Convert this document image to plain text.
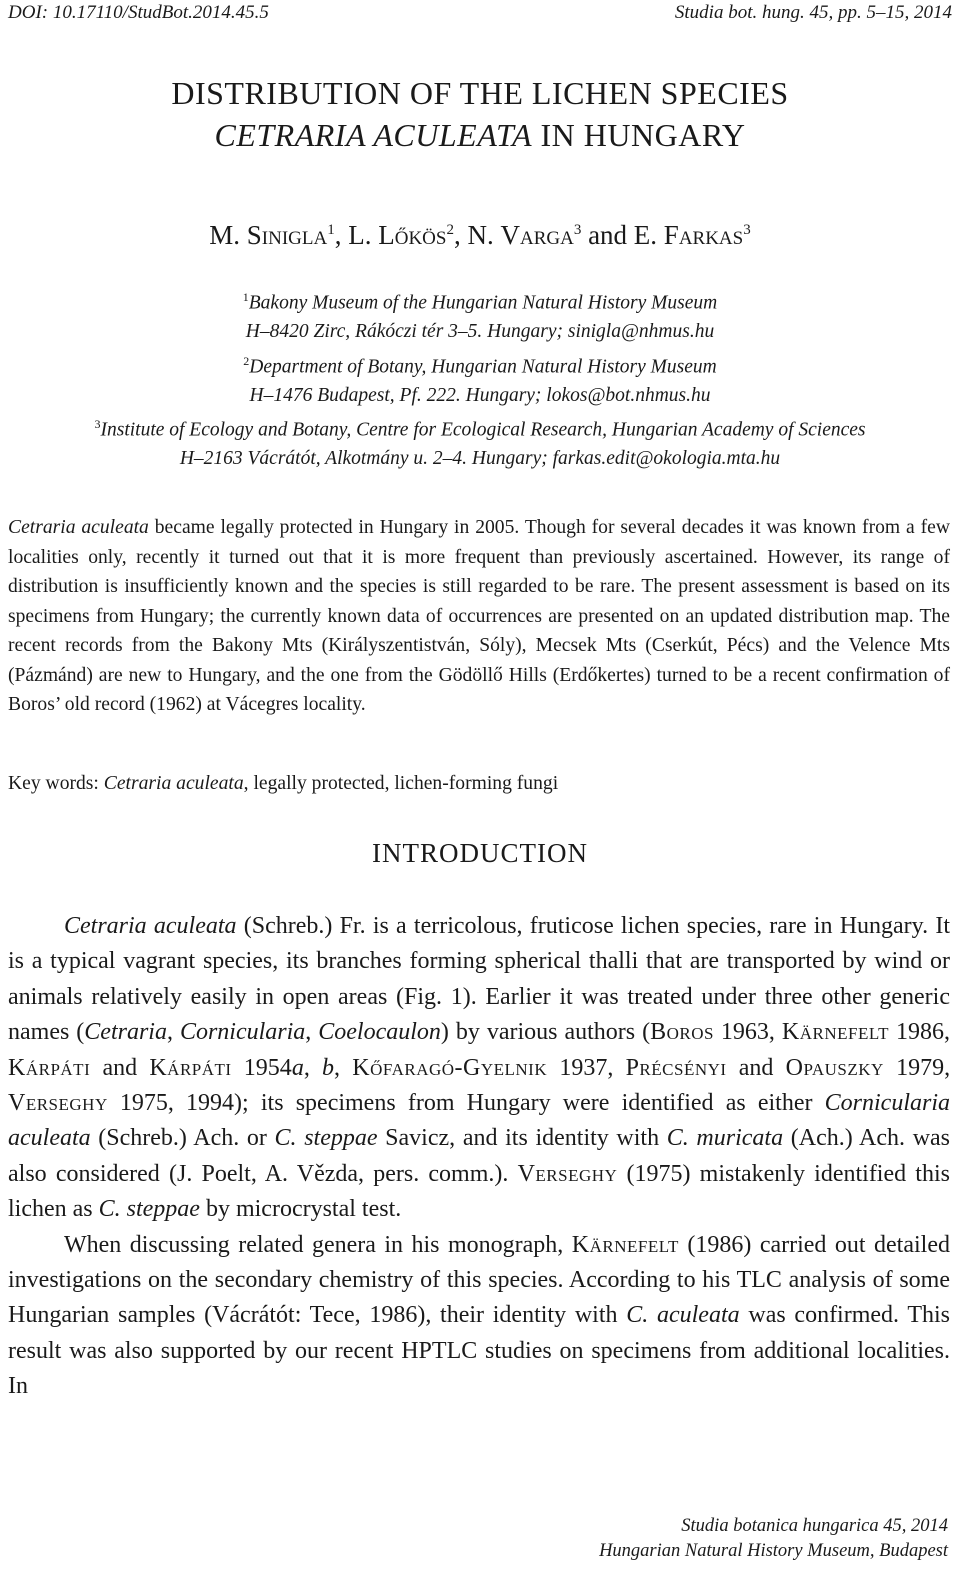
DOI: 10.17110/StudBot.2014.45.5	Studia bot. hung. 45, pp. 5–15, 2014
DISTRIBUTION OF THE LICHEN SPECIES
CETRARIA ACULEATA IN HUNGARY
M. Sinigla$^1$, L. Lőkös$^2$, N. Varga$^3$ and E. Farkas$^3$
$^1$Bakony Museum of the Hungarian Natural History Museum
H–8420 Zirc, Rákóczi tér 3–5. Hungary; sinigla@nhmus.hu
$^2$Department of Botany, Hungarian Natural History Museum
H–1476 Budapest, Pf. 222. Hungary; lokos@bot.nhmus.hu
$^3$Institute of Ecology and Botany, Centre for Ecological Research, Hungarian Academy of Sciences
H–2163 Vácrátót, Alkotmány u. 2–4. Hungary; farkas.edit@okologia.mta.hu

Cetraria aculeata became legally protected in Hungary in 2005. Though for several decades it was known from a few localities only, recently it turned out that it is more frequent than previously ascertained. However, its range of distribution is insufficiently known and the species is still regarded to be rare. The present assessment is based on its specimens from Hungary; the currently known data of occurrences are presented on an updated distribution map. The recent records from the Bakony Mts (Királyszentistván, Sóly), Mecsek Mts (Cserkút, Pécs) and the Velence Mts (Pázmánd) are new to Hungary, and the one from the Gödöllő Hills (Erdőkertes) turned to be a recent confirmation of Boros’ old record (1962) at Vácegres locality.

Key words: Cetraria aculeata, legally protected, lichen-forming fungi

INTRODUCTION

Cetraria aculeata (Schreb.) Fr. is a terricolous, fruticose lichen species, rare in Hungary. It is a typical vagrant species, its branches forming spherical thalli that are transported by wind or animals relatively easily in open areas (Fig. 1). Earlier it was treated under three other generic names (Cetraria, Cornicularia, Coelocaulon) by various authors (Boros 1963, Kärnefelt 1986, Kárpáti and Kárpáti 1954a, b, Kőfaragó-Gyelnik 1937, Précsényi and Opauszky 1979, Verseghy 1975, 1994); its specimens from Hungary were identified as either Cornicularia aculeata (Schreb.) Ach. or C. steppae Savicz, and its identity with C. muricata (Ach.) Ach. was also considered (J. Poelt, A. Vězda, pers. comm.). Verseghy (1975) mistakenly identified this lichen as C. steppae by microcrystal test.

When discussing related genera in his monograph, Kärnefelt (1986) carried out detailed investigations on the secondary chemistry of this species. According to his TLC analysis of some Hungarian samples (Vácrátót: Tece, 1986), their identity with C. aculeata was confirmed. This result was also supported by our recent HPTLC studies on specimens from additional localities. In

Studia botanica hungarica 45, 2014
Hungarian Natural History Museum, Budapest
